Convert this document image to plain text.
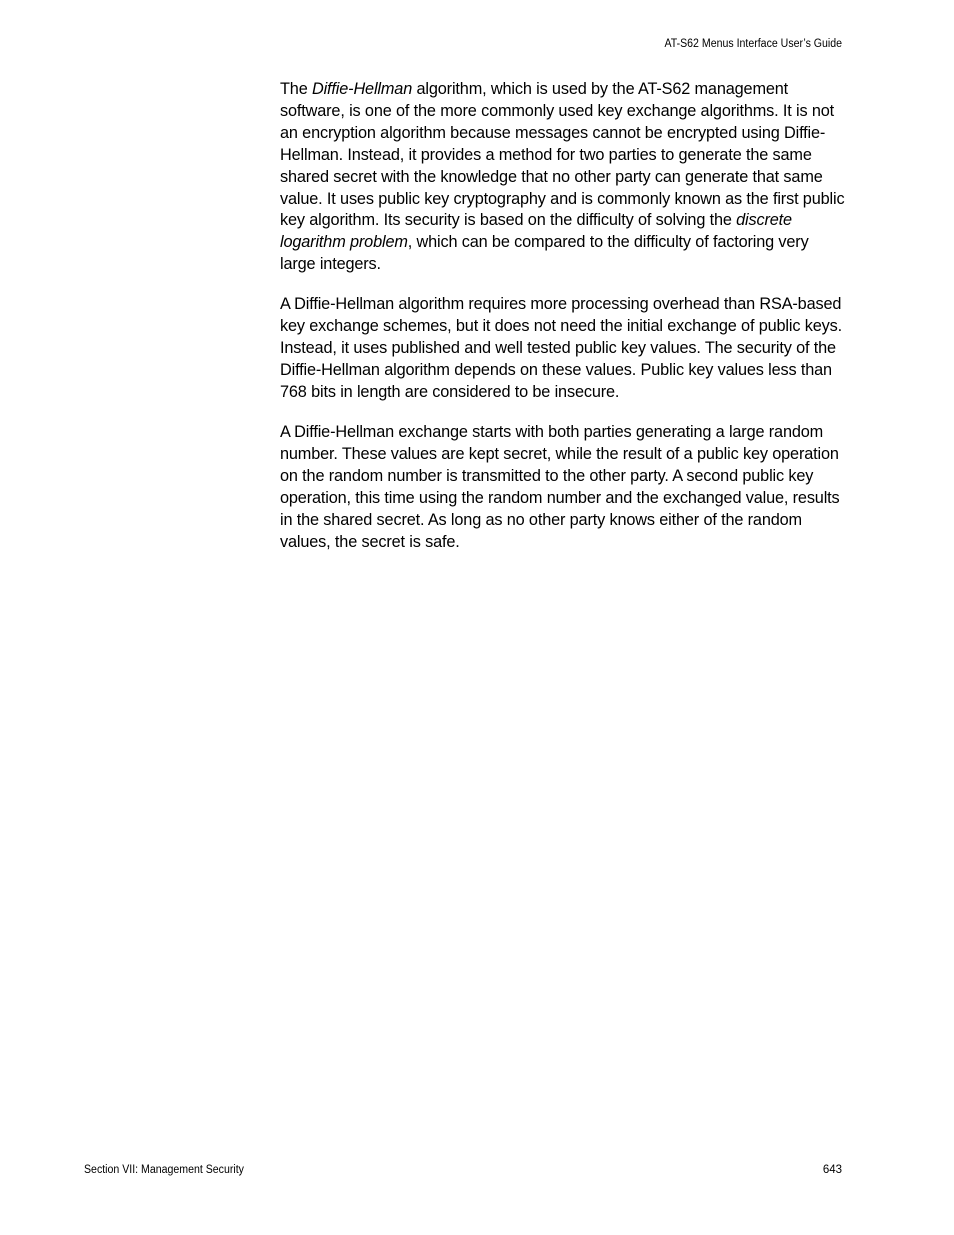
AT-S62 Menus Interface User’s Guide

The Diffie-Hellman algorithm, which is used by the AT-S62 management software, is one of the more commonly used key exchange algorithms. It is not an encryption algorithm because messages cannot be encrypted using Diffie-Hellman. Instead, it provides a method for two parties to generate the same shared secret with the knowledge that no other party can generate that same value. It uses public key cryptography and is commonly known as the first public key algorithm. Its security is based on the difficulty of solving the discrete logarithm problem, which can be compared to the difficulty of factoring very large integers.

A Diffie-Hellman algorithm requires more processing overhead than RSA-based key exchange schemes, but it does not need the initial exchange of public keys. Instead, it uses published and well tested public key values. The security of the Diffie-Hellman algorithm depends on these values. Public key values less than 768 bits in length are considered to be insecure.

A Diffie-Hellman exchange starts with both parties generating a large random number. These values are kept secret, while the result of a public key operation on the random number is transmitted to the other party. A second public key operation, this time using the random number and the exchanged value, results in the shared secret. As long as no other party knows either of the random values, the secret is safe.

Section VII: Management Security	643
